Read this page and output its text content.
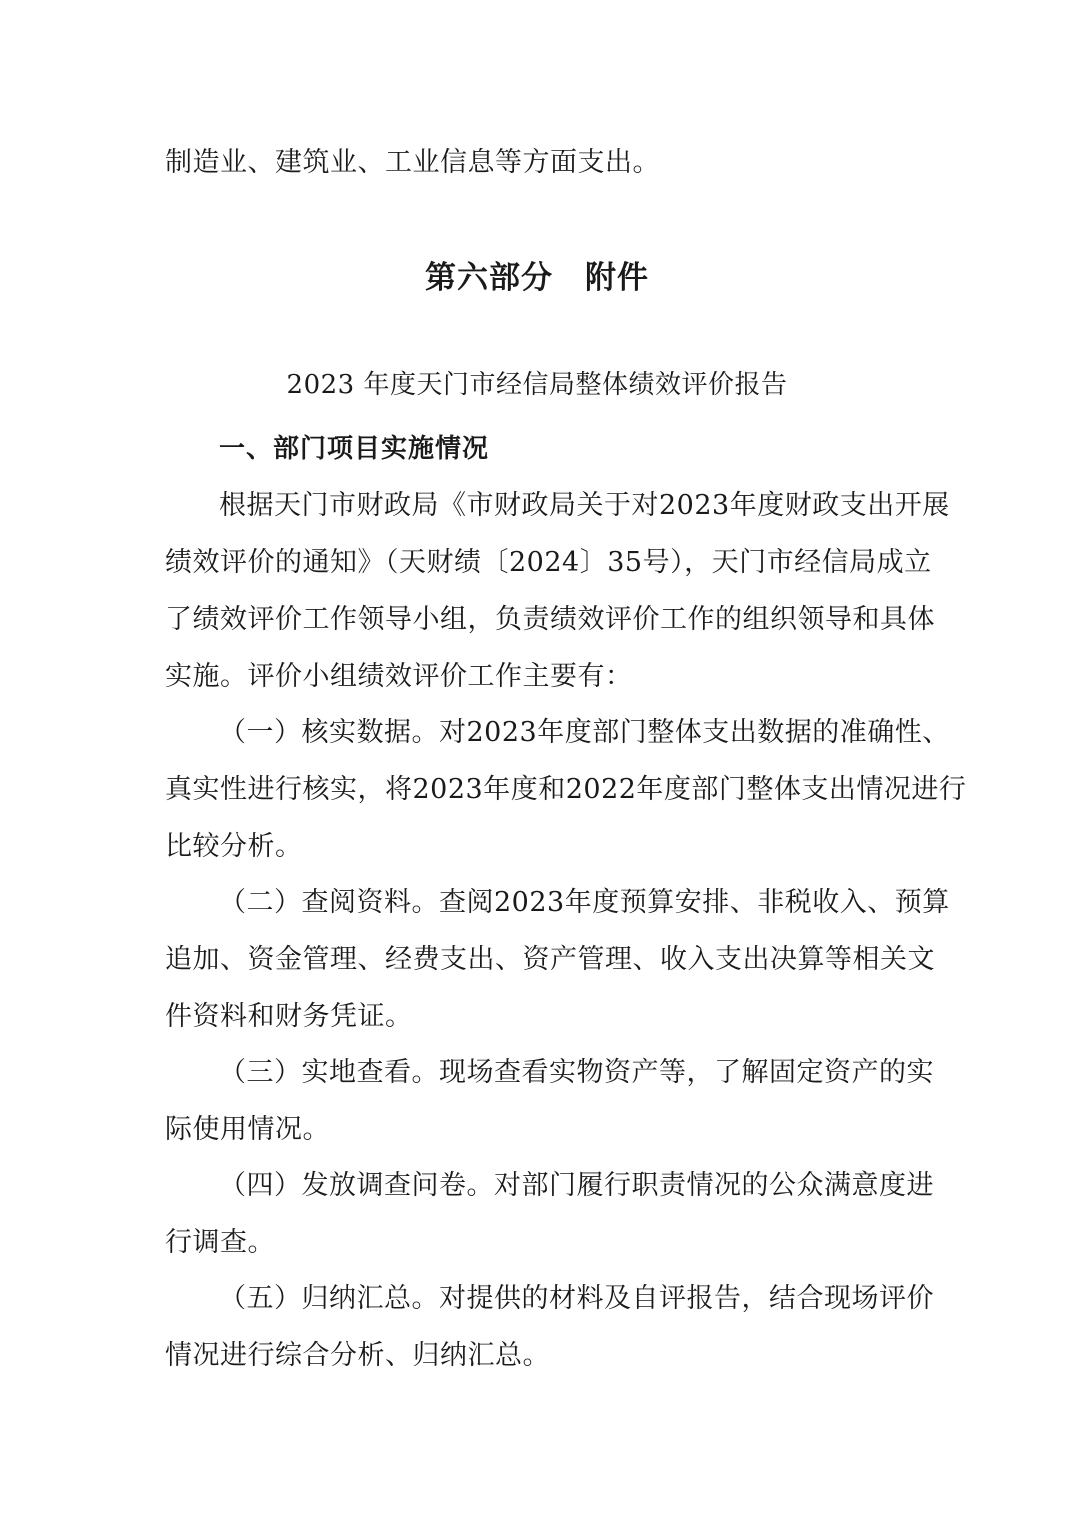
制造业、建筑业、工业信息等方面支出。
第六部分　附件
2023 年度天门市经信局整体绩效评价报告
一、部门项目实施情况
根据天门市财政局《市财政局关于对2023年度财政支出开展
绩效评价的通知》（天财绩〔2024〕35号），天门市经信局成立
了绩效评价工作领导小组，负责绩效评价工作的组织领导和具体
实施。评价小组绩效评价工作主要有：
（一）核实数据。对2023年度部门整体支出数据的准确性、
真实性进行核实，将2023年度和2022年度部门整体支出情况进行
比较分析。
（二）查阅资料。查阅2023年度预算安排、非税收入、预算
追加、资金管理、经费支出、资产管理、收入支出决算等相关文
件资料和财务凭证。
（三）实地查看。现场查看实物资产等，了解固定资产的实
际使用情况。
（四）发放调查问卷。对部门履行职责情况的公众满意度进
行调查。
（五）归纳汇总。对提供的材料及自评报告，结合现场评价
情况进行综合分析、归纳汇总。
